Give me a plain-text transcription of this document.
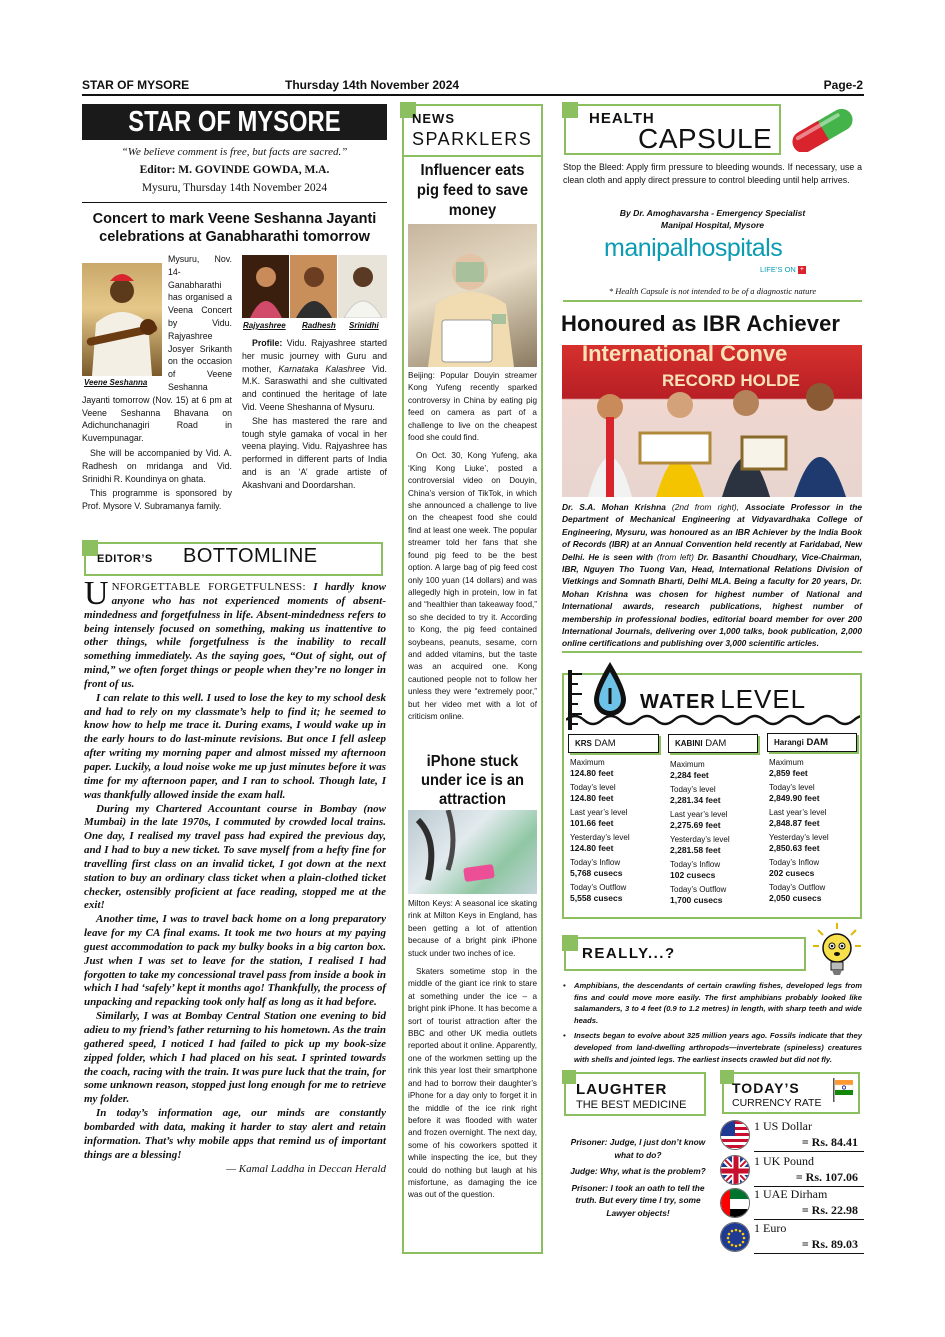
STAR OF MYSORE	Thursday 14th November 2024	Page-2
STAR OF MYSORE
“We believe comment is free, but facts are sacred.”
Editor: M. GOVINDE GOWDA, M.A.
Mysuru, Thursday 14th November 2024
Concert to mark Veene Seshanna Jayanti celebrations at Ganabharathi tomorrow
Veene Seshanna

Mysuru, Nov. 14- Ganabharathi has organised a Veena Concert by Vidu. Rajyashree Josyer Srikanth on the occasion of Veene Seshanna Jayanti tomorrow (Nov. 15) at 6 pm at Veene Seshanna Bhavana on Adichunchanagiri Road in Kuvempunagar.

She will be accompanied by Vid. A. Radhesh on mridanga and Vid. Srinidhi R. Koundinya on ghata.

This programme is sponsored by Prof. Mysore V. Subramanya family.

Rajyashree Radhesh Srinidhi

Profile: Vidu. Rajyashree started her music journey with Guru and mother, Karnataka Kalashree Vid. M.K. Saraswathi and she cultivated and continued the heritage of late Vid. Veene Sheshanna of Mysuru.

She has mastered the rare and tough style gamaka of vocal in her veena playing. Vidu. Rajyashree has performed in different parts of India and is an ‘A’ grade artiste of Akashvani and Doordarshan.

EDITOR’S BOTTOMLINE

UNFORGETTABLE FORGETFULNESS: I hardly know anyone who has not experienced moments of absent-mindedness and forgetfulness in life. Absent-mindedness refers to being intensely focused on something, making us inattentive to other things, while forgetfulness is the inability to recall something immediately. As the saying goes, “Out of sight, out of mind,” we often forget things or people when they’re no longer in front of us.

I can relate to this well. I used to lose the key to my school desk and had to rely on my classmate’s help to find it; he seemed to know how to help me trace it. During exams, I would wake up in the early hours to do last-minute revisions. But once I fell asleep after writing my morning paper and almost missed my afternoon paper. Luckily, a loud noise woke me up just minutes before it was time for my afternoon paper, and I ran to school. Though late, I was thankfully allowed inside the exam hall.

During my Chartered Accountant course in Bombay (now Mumbai) in the late 1970s, I commuted by crowded local trains. One day, I realised my travel pass had expired the previous day, and I had to buy a new ticket. To save myself from a hefty fine for travelling first class on an invalid ticket, I got down at the next station to buy an ordinary class ticket when a plain-clothed ticket checker, ostensibly proficient at face reading, stopped me at the exit!

Another time, I was to travel back home on a long preparatory leave for my CA final exams. It took me two hours at my paying guest accommodation to pack my bulky books in a big carton box. Just when I was set to leave for the station, I realised I had forgotten to take my concessional travel pass from inside a book in which I had ‘safely’ kept it months ago! Thankfully, the process of unpacking and repacking took only half as long as it had before.

Similarly, I was at Bombay Central Station one evening to bid adieu to my friend’s father returning to his hometown. As the train gathered speed, I noticed I had failed to pick up my book-size zipped folder, which I had placed on his seat. I sprinted towards the coach, racing with the train. It was pure luck that the train, for some unknown reason, stopped just long enough for me to retrieve my folder.

In today’s information age, our minds are constantly bombarded with data, making it harder to stay alert and retain information. That’s why mobile apps that remind us of important things are a blessing!

— Kamal Laddha in Deccan Herald

NEWS
SPARKLERS
Influencer eats pig feed to save money

Beijing: Popular Douyin streamer Kong Yufeng recently sparked controversy in China by eating pig feed on camera as part of a challenge to live on the cheapest food she could find.

On Oct. 30, Kong Yufeng, aka ‘King Kong Liuke’, posted a controversial video on Douyin, China’s version of TikTok, in which she announced a challenge to live on the cheapest food she could find at least one week. The popular streamer told her fans that she found pig feed to be the best option. A large bag of pig feed cost only 100 yuan (14 dollars) and was allegedly high in protein, low in fat and “healthier than takeaway food,” so she decided to try it. According to Kong, the pig feed contained soybeans, peanuts, sesame, corn and added vitamins, but the taste was an acquired one. Kong cautioned people not to follow her unless they were “extremely poor,” but her video met with a lot of criticism online.

iPhone stuck under ice is an attraction

Milton Keys: A seasonal ice skating rink at Milton Keys in England, has been getting a lot of attention because of a bright pink iPhone stuck under two inches of ice.

Skaters sometime stop in the middle of the giant ice rink to stare at something under the ice – a bright pink iPhone. It has become a sort of tourist attraction after the BBC and other UK media outlets reported about it online. Apparently, one of the workmen setting up the rink this year lost their smartphone and had to borrow their daughter’s iPhone for a day only to forget it in the middle of the ice rink right before it was flooded with water and frozen overnight. The next day, some of his coworkers spotted it while inspecting the ice, but they could do nothing but laugh at his misfortune, as damaging the ice was out of the question.

HEALTH
CAPSULE
Stop the Bleed: Apply firm pressure to bleeding wounds. If necessary, use a clean cloth and apply direct pressure to control bleeding until help arrives.
By Dr. Amoghavarsha - Emergency Specialist
Manipal Hospital, Mysore
manipalhospitals
LIFE’S ON +
* Health Capsule is not intended to be of a diagnostic nature
Honoured as IBR Achiever
International Conve
RECORD HOLDE
Dr. S.A. Mohan Krishna (2nd from right), Associate Professor in the Department of Mechanical Engineering at Vidyavardhaka College of Engineering, Mysuru, was honoured as an IBR Achiever by the India Book of Records (IBR) at an Annual Convention held recently at Faridabad, New Delhi. He is seen with (from left) Dr. Basanthi Choudhary, Vice-Chairman, IBR, Nguyen Tho Tuong Van, Head, International Relations Division of Vietkings and Somnath Bharti, Delhi MLA. Being a faculty for 20 years, Dr. Mohan Krishna was chosen for highest number of National and International awards, research publications, highest number of membership in professional bodies, editorial board member for over 200 International Journals, delivering over 1,000 talks, book publication, 2,000 online certifications and publishing over 3,000 scientific articles.
WATER LEVEL
KRS DAM
Maximum
124.80 feet
Today’s level
124.80 feet
Last year’s level
101.66 feet
Yesterday’s level
124.80 feet
Today’s Inflow
5,768 cusecs
Today’s Outflow
5,558 cusecs
KABINI DAM
Maximum
2,284 feet
Today’s level
2,281.34 feet
Last year’s level
2,275.69 feet
Yesterday’s level
2,281.58 feet
Today’s Inflow
102 cusecs
Today’s Outflow
1,700 cusecs
Harangi DAM
Maximum
2,859 feet
Today’s level
2,849.90 feet
Last year’s level
2,848.87 feet
Yesterday’s level
2,850.63 feet
Today’s Inflow
202 cusecs
Today’s Outflow
2,050 cusecs
REALLY...?
• Amphibians, the descendants of certain crawling fishes, developed legs from fins and could move more easily. The first amphibians probably looked like salamanders, 3 to 4 feet (0.9 to 1.2 metres) in length, with sharp teeth and wide heads.
• Insects began to evolve about 325 million years ago. Fossils indicate that they developed from land-dwelling arthropods—invertebrate (spineless) creatures with shells and jointed legs. The earliest insects crawled but did not fly.
LAUGHTER
THE BEST MEDICINE

Prisoner: Judge, I just don’t know what to do?

Judge: Why, what is the problem?

Prisoner: I took an oath to tell the truth. But every time I try, some Lawyer objects!

TODAY’S
CURRENCY RATE
1 US Dollar
= Rs. 84.41
1 UK Pound
= Rs. 107.06
1 UAE Dirham
= Rs. 22.98
1 Euro
= Rs. 89.03
